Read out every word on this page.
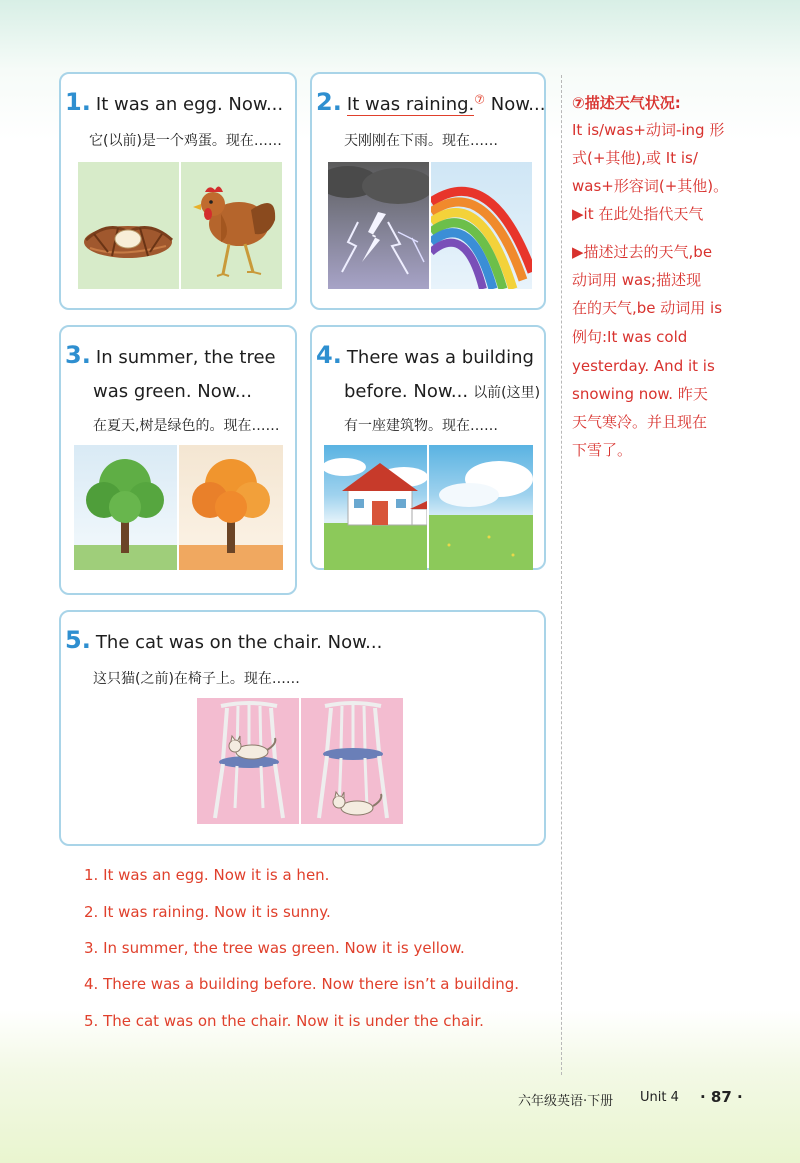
1. It was an egg. Now...
它(以前)是一个鸡蛋。现在……
2. It was raining.⑦ Now...
天刚刚在下雨。现在……
3. In summer, the tree
was green. Now...
在夏天,树是绿色的。现在……
4. There was a building
before. Now... 以前(这里)
有一座建筑物。现在……
5. The cat was on the chair. Now...
这只猫(之前)在椅子上。现在……
⑦描述天气状况:
It is/was+动词-ing 形
式(+其他),或 It is/
was+形容词(+其他)。
▶it 在此处指代天气
▶描述过去的天气,be
动词用 was;描述现
在的天气,be 动词用 is
例句:It was cold
yesterday. And it is
snowing now. 昨天
天气寒冷。并且现在
下雪了。
1. It was an egg. Now it is a hen.
2. It was raining. Now it is sunny.
3. In summer, the tree was green. Now it is yellow.
4. There was a building before. Now there isn’t a building.
5. The cat was on the chair. Now it is under the chair.
六年级英语·下册 Unit 4 · 87 ·
